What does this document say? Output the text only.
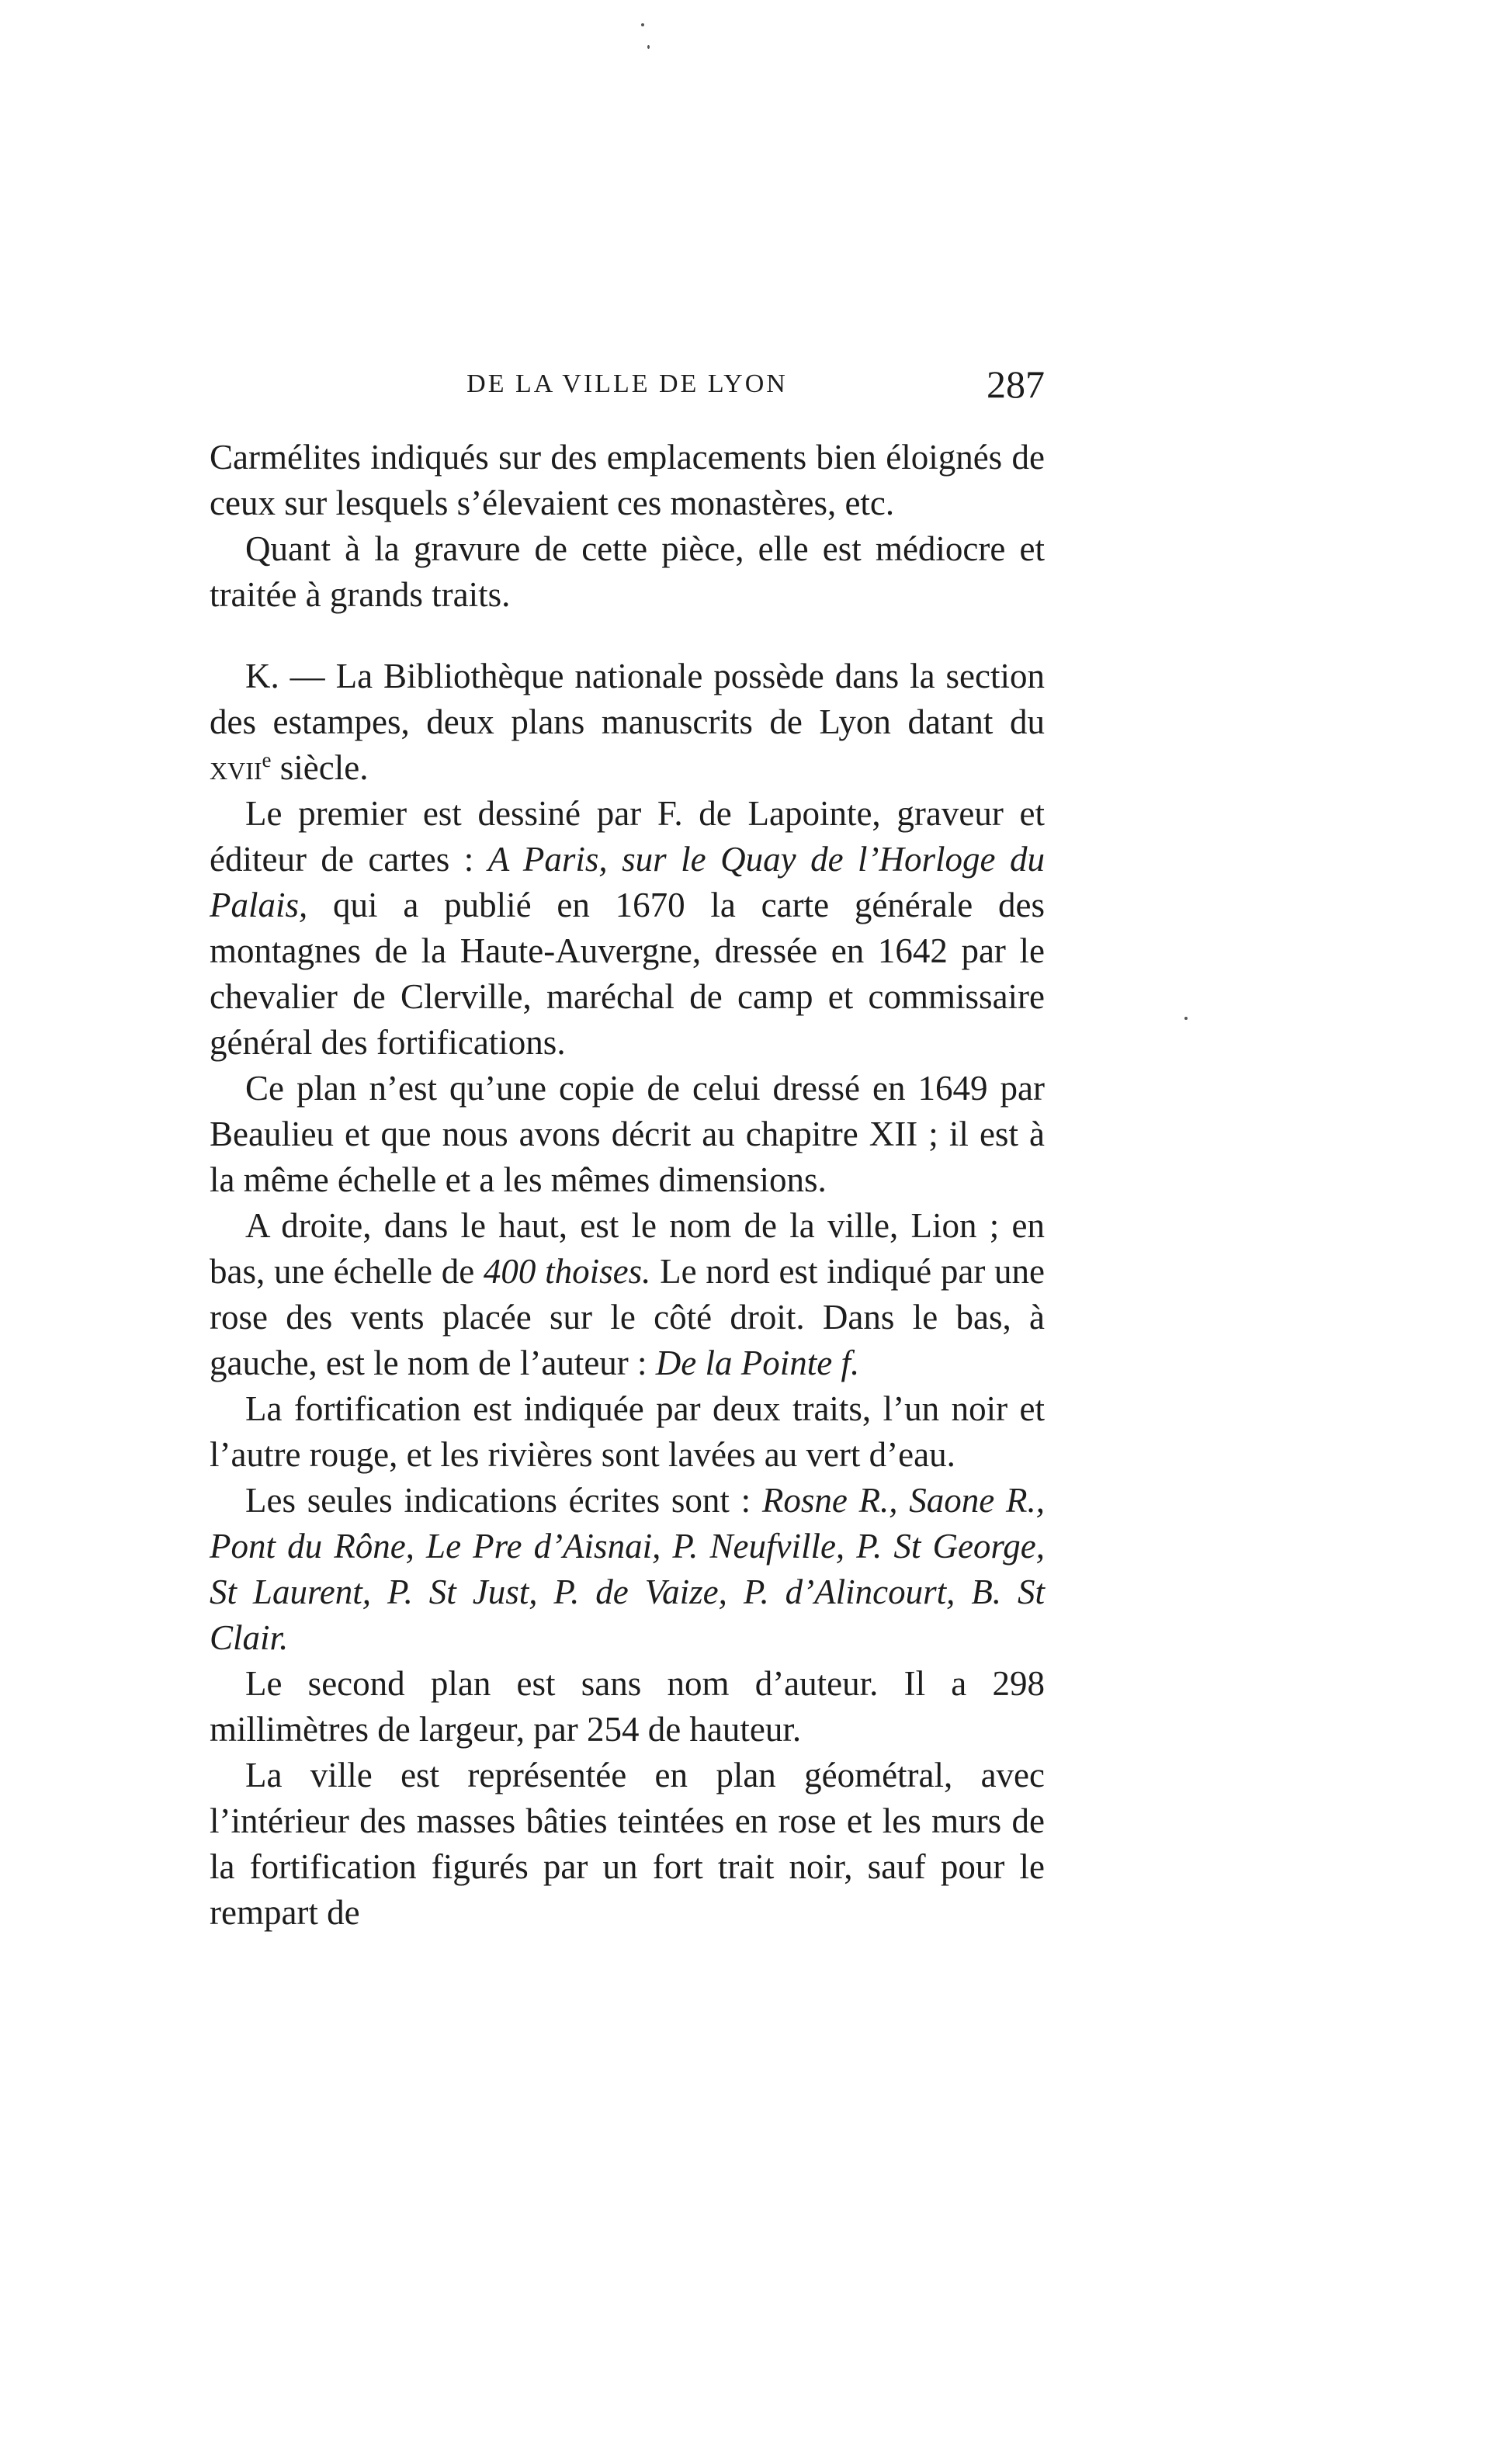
DE LA VILLE DE LYON	287

Carmélites indiqués sur des emplacements bien éloignés de ceux sur lesquels s’élevaient ces monastères, etc.

Quant à la gravure de cette pièce, elle est médiocre et traitée à grands traits.

K. — La Bibliothèque nationale possède dans la section des estampes, deux plans manuscrits de Lyon datant du xvii$^e$ siècle.

Le premier est dessiné par F. de Lapointe, graveur et éditeur de cartes : A Paris, sur le Quay de l’Horloge du Palais, qui a publié en 1670 la carte générale des montagnes de la Haute-Auvergne, dressée en 1642 par le chevalier de Clerville, maréchal de camp et commissaire général des fortifications.

Ce plan n’est qu’une copie de celui dressé en 1649 par Beaulieu et que nous avons décrit au chapitre XII ; il est à la même échelle et a les mêmes dimensions.

A droite, dans le haut, est le nom de la ville, Lion ; en bas, une échelle de 400 thoises. Le nord est indiqué par une rose des vents placée sur le côté droit. Dans le bas, à gauche, est le nom de l’auteur : De la Pointe f.

La fortification est indiquée par deux traits, l’un noir et l’autre rouge, et les rivières sont lavées au vert d’eau.

Les seules indications écrites sont : Rosne R., Saone R., Pont du Rône, Le Pre d’Aisnai, P. Neufville, P. St George, St Laurent, P. St Just, P. de Vaize, P. d’Alincourt, B. St Clair.

Le second plan est sans nom d’auteur. Il a 298 millimètres de largeur, par 254 de hauteur.

La ville est représentée en plan géométral, avec l’intérieur des masses bâties teintées en rose et les murs de la fortification figurés par un fort trait noir, sauf pour le rempart de
